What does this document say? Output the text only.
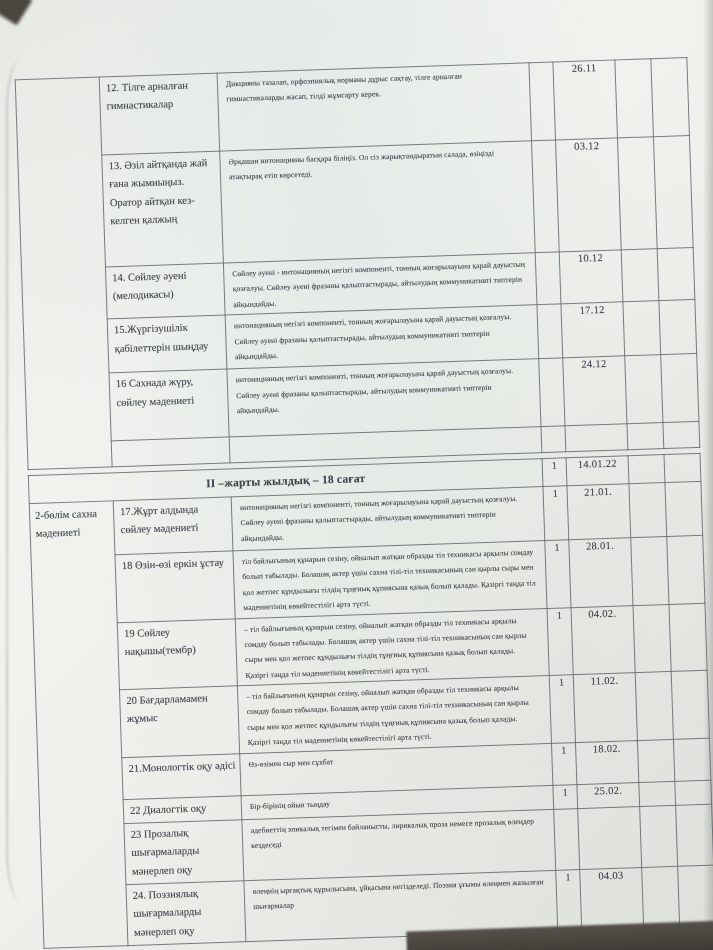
	12. Тілге арналған гимнастикалар	Дикцияны тазалап, орфоэпиялық норманы дұрыс сақтау, тілге арналған гимнастикаларды жасап, тілді жұмсарту керек.		26.11		
	13. Әзіл айтқанда жай ғана жымиыңыз. Оратор айтқан кез-келген қалжың	Әрқашан интонацияны басқара біліңіз. Ол сіз жарықтандыратын салада, өзіңізді атақтырақ етіп көрсетеді.		03.12		
	14. Сөйлеу әуені (мелодикасы)	Сөйлеу әуені - интонацияның негізгі компоненті, тонның жоғарылауына қарай дауыстың қозғалуы. Сөйлеу әуені фразаны қалыптастырады, айтылудың коммуникативті типтерін айқындайды.		10.12		
	15.Жүргізушілік қабілеттерін шыңдау	интонацияның негізгі компоненті, тонның жоғарылауына қарай дауыстың қозғалуы. Сөйлеу әуені фразаны қалыптастырады, айтылудың коммуникативті типтерін айқындайды.		17.12		
	16 Сахнада жүру, сөйлеу мәдениеті	интонацияның негізгі компоненті, тонның жоғарылауына қарай дауыстың қозғалуы. Сөйлеу әуені фразаны қалыптастырады, айтылудың коммуникативті типтерін айқындайды.		24.12		

ІІ –жарты жылдық – 18 сағат			1	14.01.22		
2-бөлім сахна мәдениеті	17.Жұрт алдында сөйлеу мәдениеті	интонацияның негізгі компоненті, тонның жоғарылауына қарай дауыстың қозғалуы. Сөйлеу әуені фразаны қалыптастырады, айтылудың коммуникативті типтерін айқындайды.	1	21.01.		
	18 Өзін-өзі еркін ұстау	тіл байлығының құнарын сезіну, ойналып жатқан образды тіл техникасы арқылы сомдау болып табылады. Болашақ актер үшін сахна тілі-тіл техникасының сан қырлы сыры мен қол жетпес құндылығы тілдің тұңғиық құпиясына қазық болып қалады. Қазіргі таңда тіл мәдениетінің көкейтестілігі арта түсті.	1	28.01.		
	19 Сөйлеу нақышы(тембр)	– тіл байлығының құнарын сезіну, ойналып жатқан образды тіл техникасы арқылы сомдау болып табылады. Болашақ актер үшін сахна тілі-тіл техникасының сан қырлы сыры мен қол жетпес құндылығы тілдің тұңғиық құпиясына қазық болып қалады. Қазіргі таңда тіл мәдениетінің көкейтестілігі арта түсті.	1	04.02.		
	20 Бағдарламамен жұмыс	– тіл байлығының құнарын сезіну, ойналып жатқан образды тіл техникасы арқылы сомдау болып табылады. Болашақ актер үшін сахна тілі-тіл техникасының сан қырлы сыры мен қол жетпес құндылығы тілдің тұңғиық құпиясына қазық болып қалады. Қазіргі таңда тіл мәдениетінің көкейтестілігі арта түсті.	1	11.02.		
	21.Монологтік оқу әдісі	Өз-өзімен сыр мен сұхбат	1	18.02.		
	22 Диалогтік оқу	Бір-бірінің ойын тыңдау	1	25.02.		
	23 Прозалық шығармаларды мәнерлеп оқу	әдебиеттің эпикалық тегімен байланысты, лирикалық проза немесе прозалық өлеңдер кездеседі				
	24. Поэзиялық шығармаларды мәнерлеп оқу	өлеңнің ырғақтық құрылысына, ұйқасына негізделеді. Поэзия ұғымы өлеңмен жазылған шығармалар	1	04.03		
